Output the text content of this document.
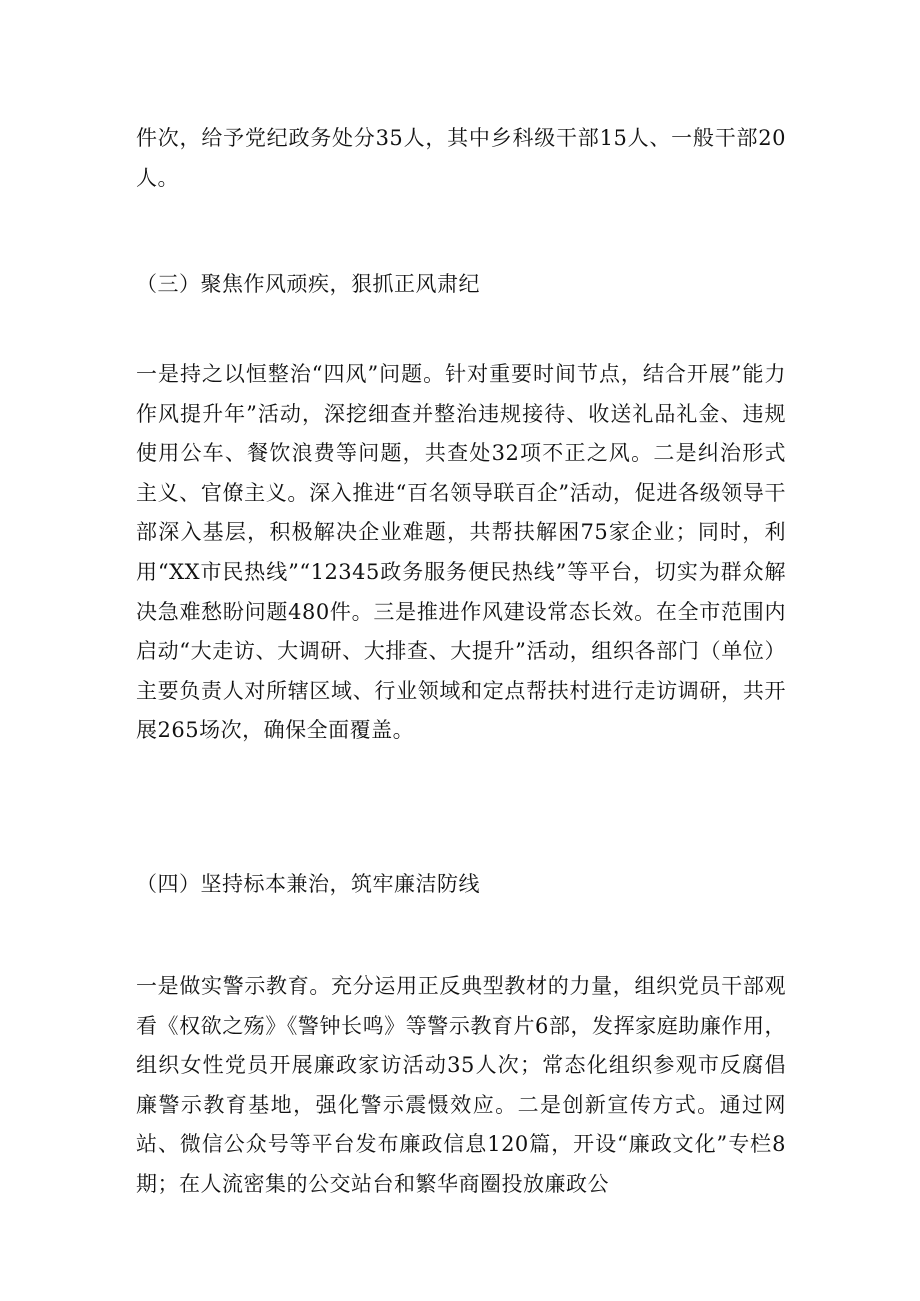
件次，给予党纪政务处分35人，其中乡科级干部15人、一般干部20人。

（三）聚焦作风顽疾，狠抓正风肃纪

一是持之以恒整治“四风”问题。针对重要时间节点，结合开展”能力作风提升年”活动，深挖细查并整治违规接待、收送礼品礼金、违规使用公车、餐饮浪费等问题，共查处32项不正之风。二是纠治形式主义、官僚主义。深入推进“百名领导联百企”活动，促进各级领导干部深入基层，积极解决企业难题，共帮扶解困75家企业；同时，利用“XX市民热线”“12345政务服务便民热线”等平台，切实为群众解决急难愁盼问题480件。三是推进作风建设常态长效。在全市范围内启动“大走访、大调研、大排查、大提升”活动，组织各部门（单位）主要负责人对所辖区域、行业领域和定点帮扶村进行走访调研，共开展265场次，确保全面覆盖。

（四）坚持标本兼治，筑牢廉洁防线

一是做实警示教育。充分运用正反典型教材的力量，组织党员干部观看《权欲之殇》《警钟长鸣》等警示教育片6部，发挥家庭助廉作用，组织女性党员开展廉政家访活动35人次；常态化组织参观市反腐倡廉警示教育基地，强化警示震慑效应。二是创新宣传方式。通过网站、微信公众号等平台发布廉政信息120篇，开设“廉政文化”专栏8期；在人流密集的公交站台和繁华商圈投放廉政公
